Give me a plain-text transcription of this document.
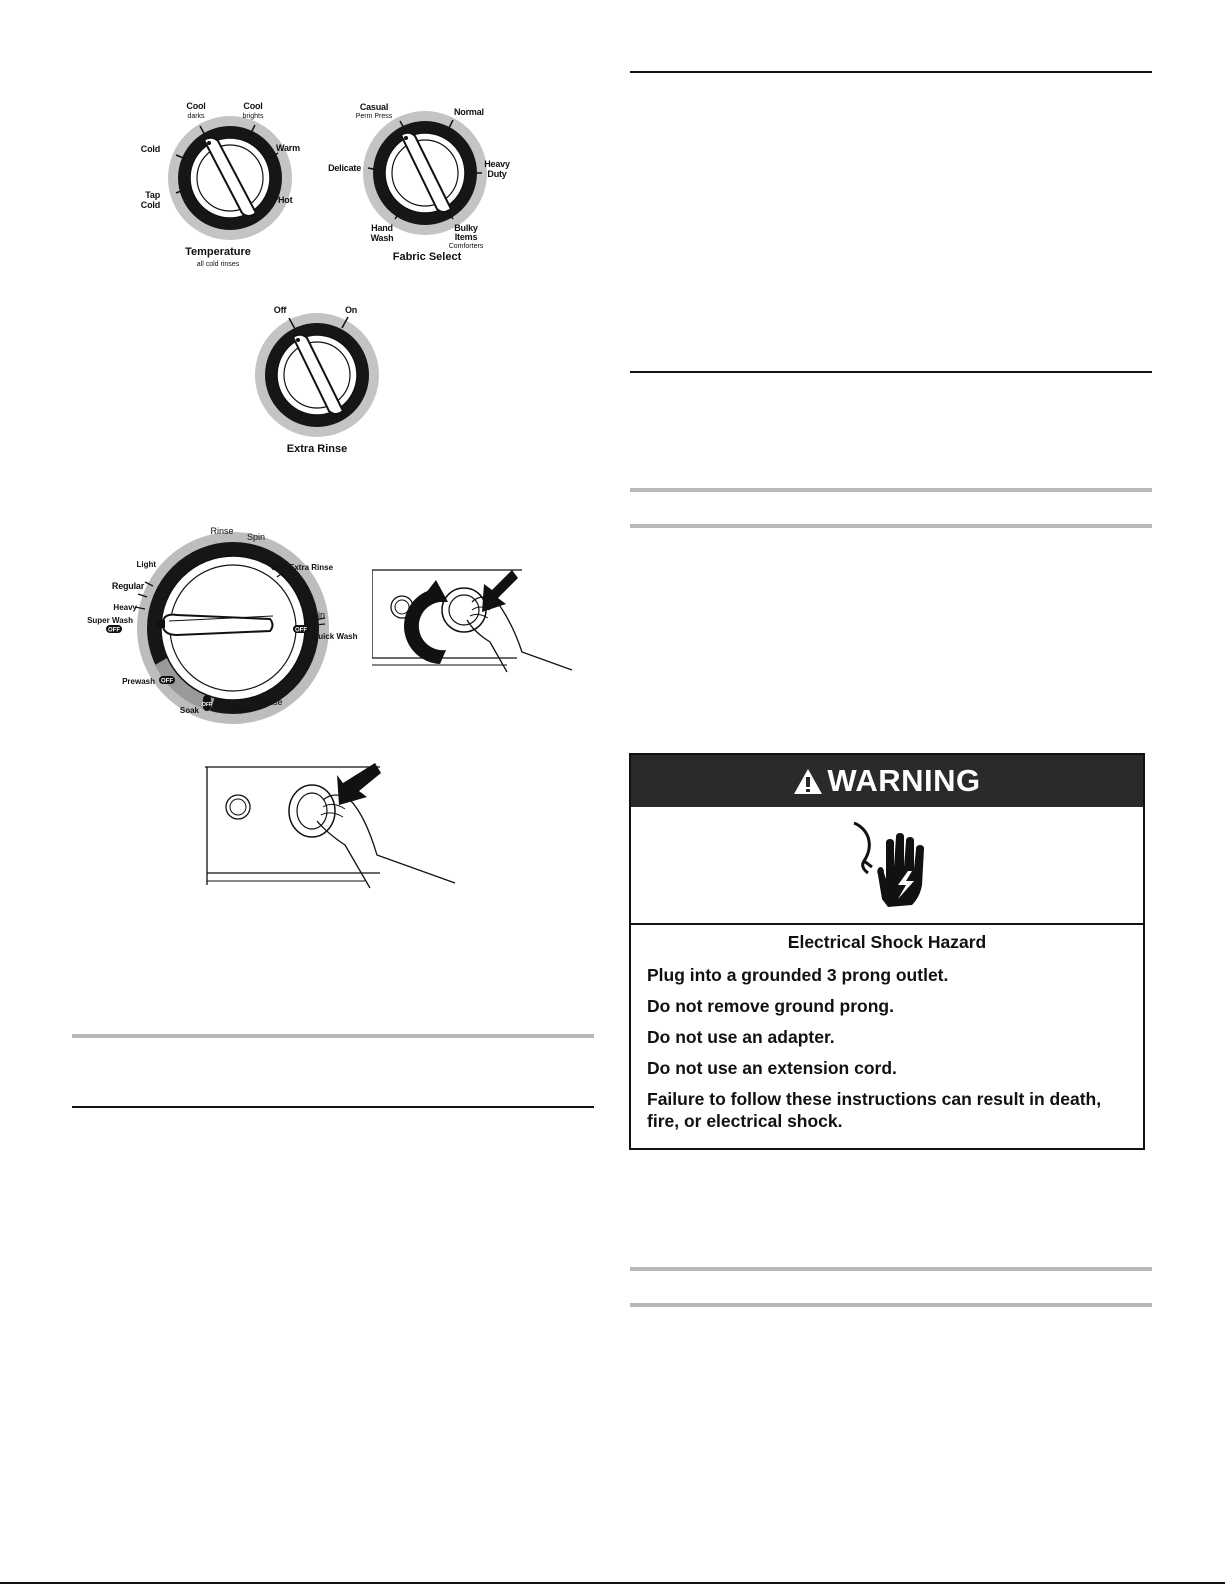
Cool
darks
Cool
brights
Warm
Cold
Tap
Cold	Hot
Temperature
all cold rinses
Casual
Perm Press	Normal
Heavy
Duty
Delicate
Hand
Wash
Bulky
Items
Comforters
Fabric Select
Off	On
Extra Rinse
Rinse
Spin
OFF Extra Rinse
Light
Regular
Heavy
Super Wash
OFF
Spin
OFF
Quick Wash
Prewash OFF
Soak
OFF Spin
Rinse
WARNING
Electrical Shock Hazard

Plug into a grounded 3 prong outlet.

Do not remove ground prong.

Do not use an adapter.

Do not use an extension cord.

Failure to follow these instructions can result in death, fire, or electrical shock.
